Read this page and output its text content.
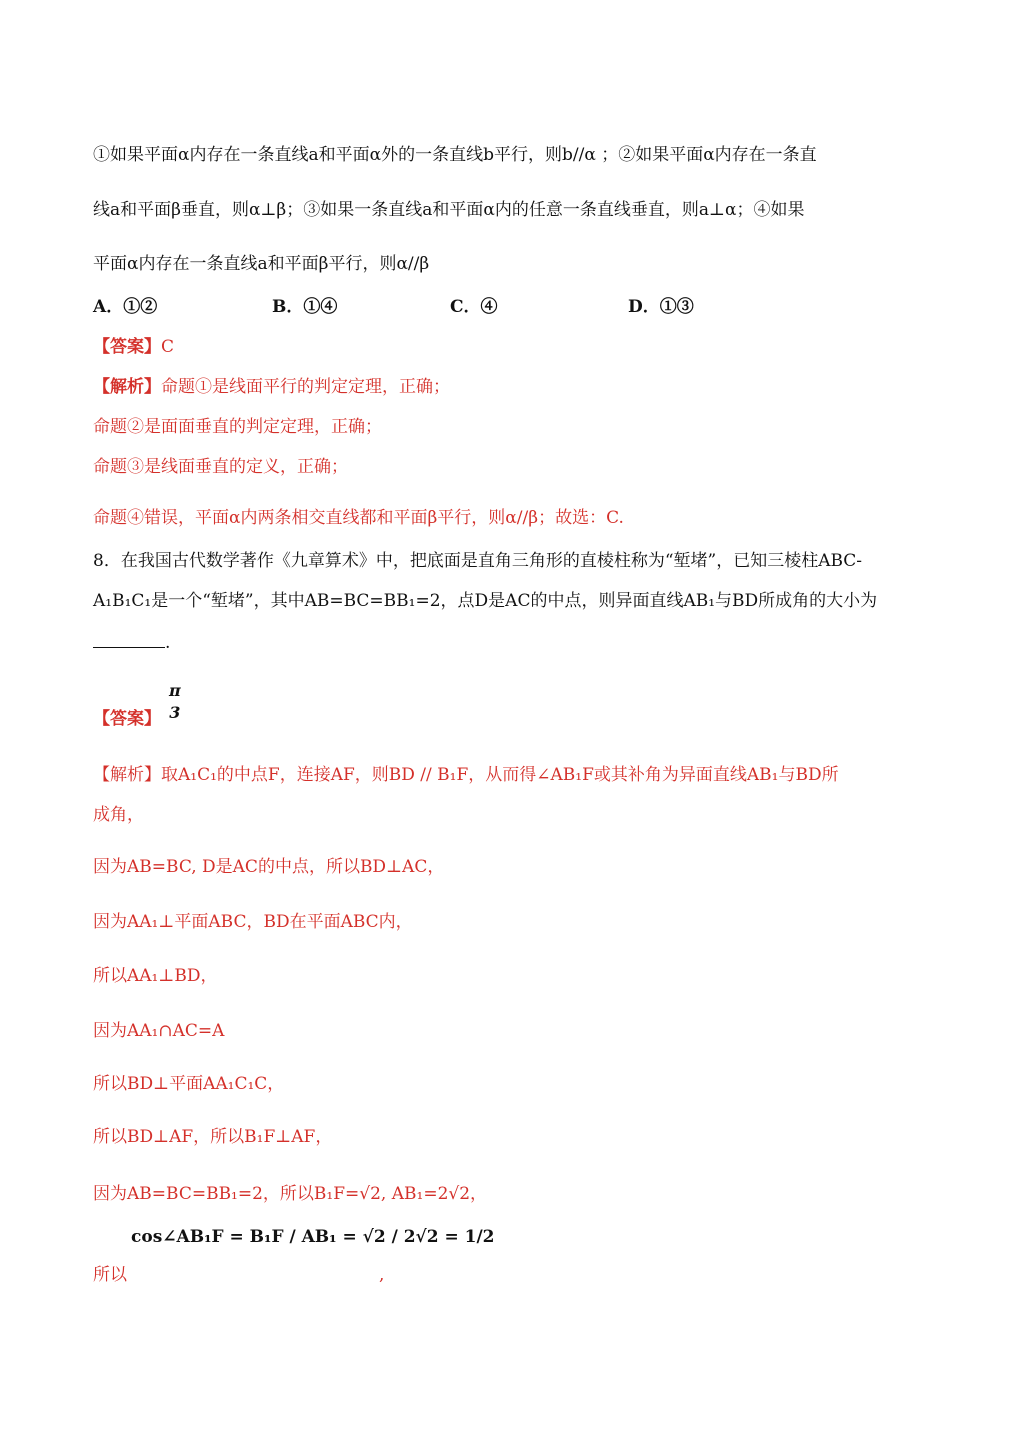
①如果平面α内存在一条直线a和平面α外的一条直线b平行，则b//α ；②如果平面α内存在一条直
线a和平面β垂直，则α⊥β；③如果一条直线a和平面α内的任意一条直线垂直，则a⊥α；④如果
平面α内存在一条直线a和平面β平行，则α//β
A．①②	B．①④	C．④	D．①③
【答案】C
【解析】命题①是线面平行的判定定理，正确；
命题②是面面垂直的判定定理，正确；
命题③是线面垂直的定义，正确；
命题④错误，平面α内两条相交直线都和平面β平行，则α//β；故选：C.
8．在我国古代数学著作《九章算术》中，把底面是直角三角形的直棱柱称为“堑堵”，已知三棱柱ABC-
A₁B₁C₁是一个“堑堵”，其中AB=BC=BB₁=2，点D是AC的中点，则异面直线AB₁与BD所成角的大小为
.
【答案】
π
3
【解析】取A₁C₁的中点F，连接AF，则BD // B₁F，从而得∠AB₁F或其补角为异面直线AB₁与BD所
成角，
因为AB=BC, D是AC的中点，所以BD⊥AC，
因为AA₁⊥平面ABC，BD在平面ABC内，
所以AA₁⊥BD，
因为AA₁∩AC=A
所以BD⊥平面AA₁C₁C，
所以BD⊥AF，所以B₁F⊥AF，
因为AB=BC=BB₁=2，所以B₁F=√2, AB₁=2√2，
所以
cos∠AB₁F = B₁F / AB₁ = √2 / 2√2 = 1/2
,
